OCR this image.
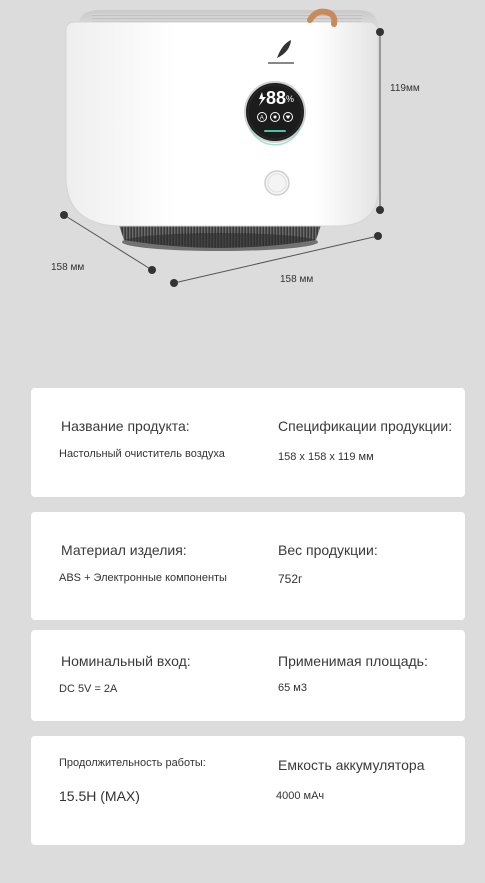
88 %
A
119мм
158 мм
158 мм
Название продукта:
Настольный очиститель воздуха
Спецификации продукции:
158 x 158 x 119 мм
Материал изделия:
ABS + Электронные компоненты
Вес продукции:
752г
Номинальный вход:
DC 5V = 2A
Применимая площадь:
65 м3
Продолжительность работы:
15.5H (MAX)
Емкость аккумулятора
4000 мАч
